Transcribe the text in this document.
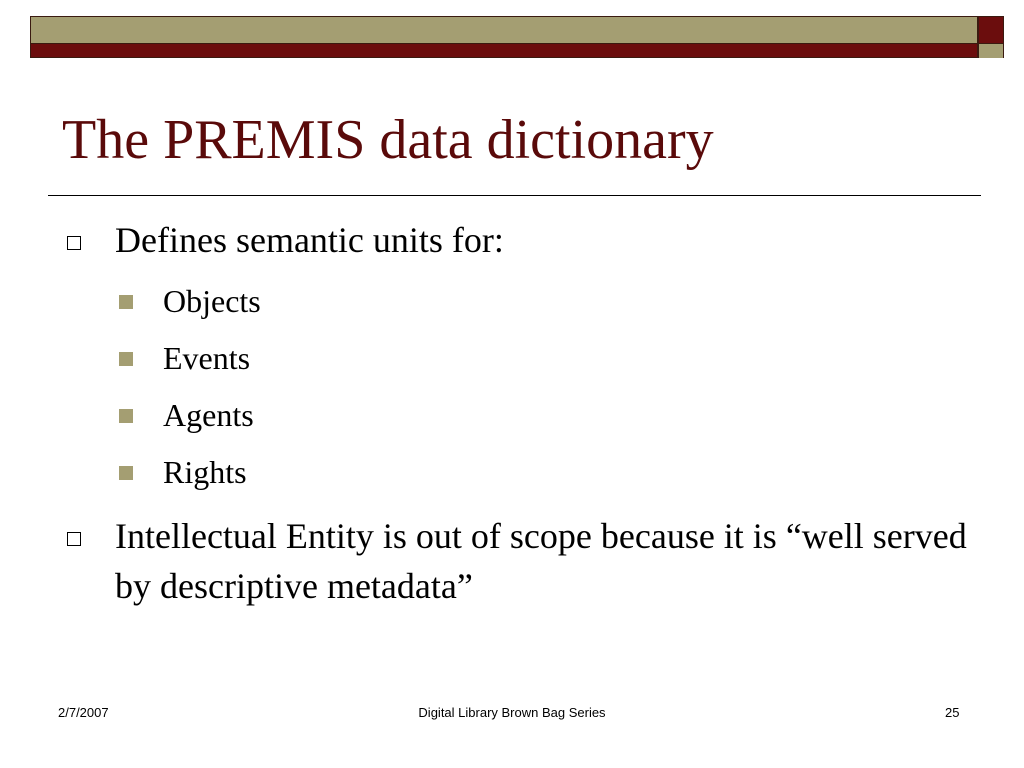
The PREMIS data dictionary
Defines semantic units for:
Objects
Events
Agents
Rights
Intellectual Entity is out of scope because it is “well served by descriptive metadata”
2/7/2007	Digital Library Brown Bag Series	25
